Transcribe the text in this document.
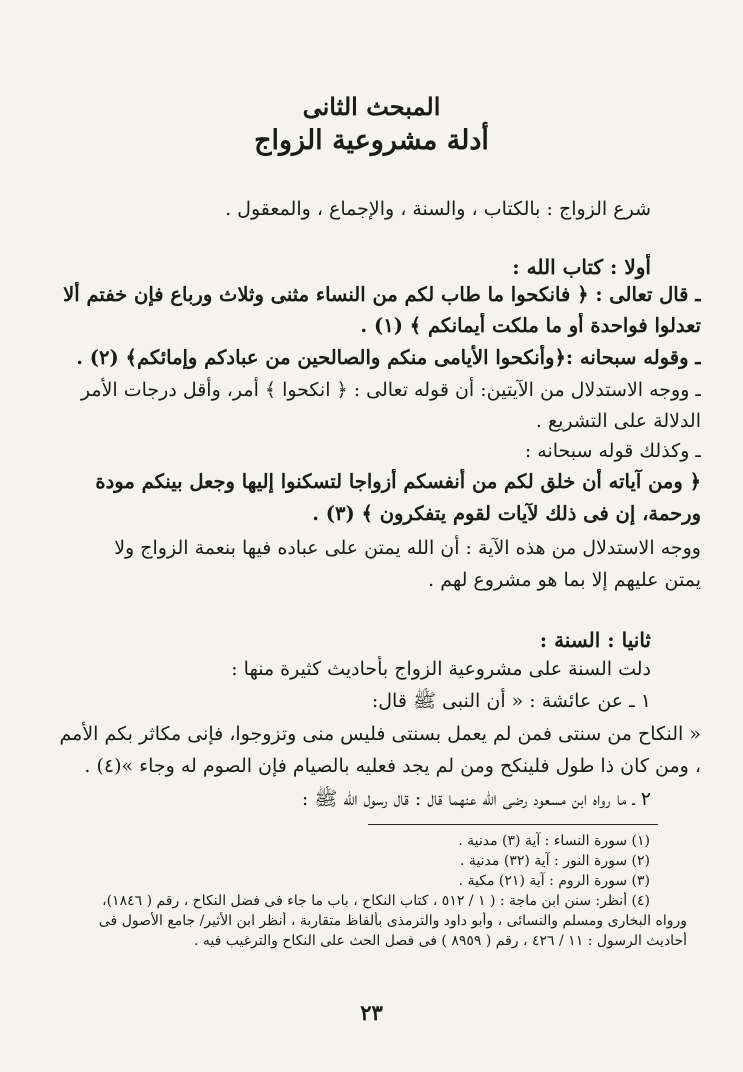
المبحث الثانى
أدلة مشروعية الزواج
شرع الزواج : بالكتاب ، والسنة ، والإجماع ، والمعقول .
أولا : كتاب الله :
ـ قال تعالى : ﴿ فانكحوا ما طاب لكم من النساء مثنى وثلاث ورباع فإن خفتم ألا
تعدلوا فواحدة أو ما ملكت أيمانكم ﴾ (١) .
ـ وقوله سبحانه :﴿وأنكحوا الأيامى منكم والصالحين من عبادكم وإمائكم﴾ (٢) .
ـ ووجه الاستدلال من الآيتين: أن قوله تعالى : ﴿ انكحوا ﴾ أمر، وأقل درجات الأمر
الدلالة على التشريع .
ـ وكذلك قوله سبحانه :
﴿ ومن آياته أن خلق لكم من أنفسكم أزواجا لتسكنوا إليها وجعل بينكم مودة
ورحمة، إن فى ذلك لآيات لقوم يتفكرون ﴾ (٣) .
ووجه الاستدلال من هذه الآية : أن الله يمتن على عباده فيها بنعمة الزواج ولا
يمتن عليهم إلا بما هو مشروع لهم .
ثانيا : السنة :
دلت السنة على مشروعية الزواج بأحاديث كثيرة منها :
١ ـ عن عائشة : « أن النبى ﷺ قال:
« النكاح من سنتى فمن لم يعمل بسنتى فليس منى وتزوجوا، فإنى مكاثر بكم الأمم
، ومن كان ذا طول فلينكح ومن لم يجد فعليه بالصيام فإن الصوم له وجاء »(٤) .
٢ ـ ما رواه ابن مسعود رضى الله عنهما قال : قال رسول الله ﷺ :
(١) سورة النساء : آية (٣) مدنية .
(٢) سورة النور : آية (٣٢) مدنية .
(٣) سورة الروم : آية (٢١) مكية .
(٤) أنظر: سنن ابن ماجة : ( ١ / ٥١٢ ، كتاب النكاح ، باب ما جاء فى فضل النكاح ، رقم ( ١٨٤٦)،
ورواه البخارى ومسلم والنسائى ، وأبو داود والترمذى بألفاظ متقاربة ، أنظر ابن الأثير/ جامع الأصول فى
أحاديث الرسول : ١١ / ٤٢٦ ، رقم ( ٨٩٥٩ ) فى فصل الحث على النكاح والترغيب فيه .
٢٣
